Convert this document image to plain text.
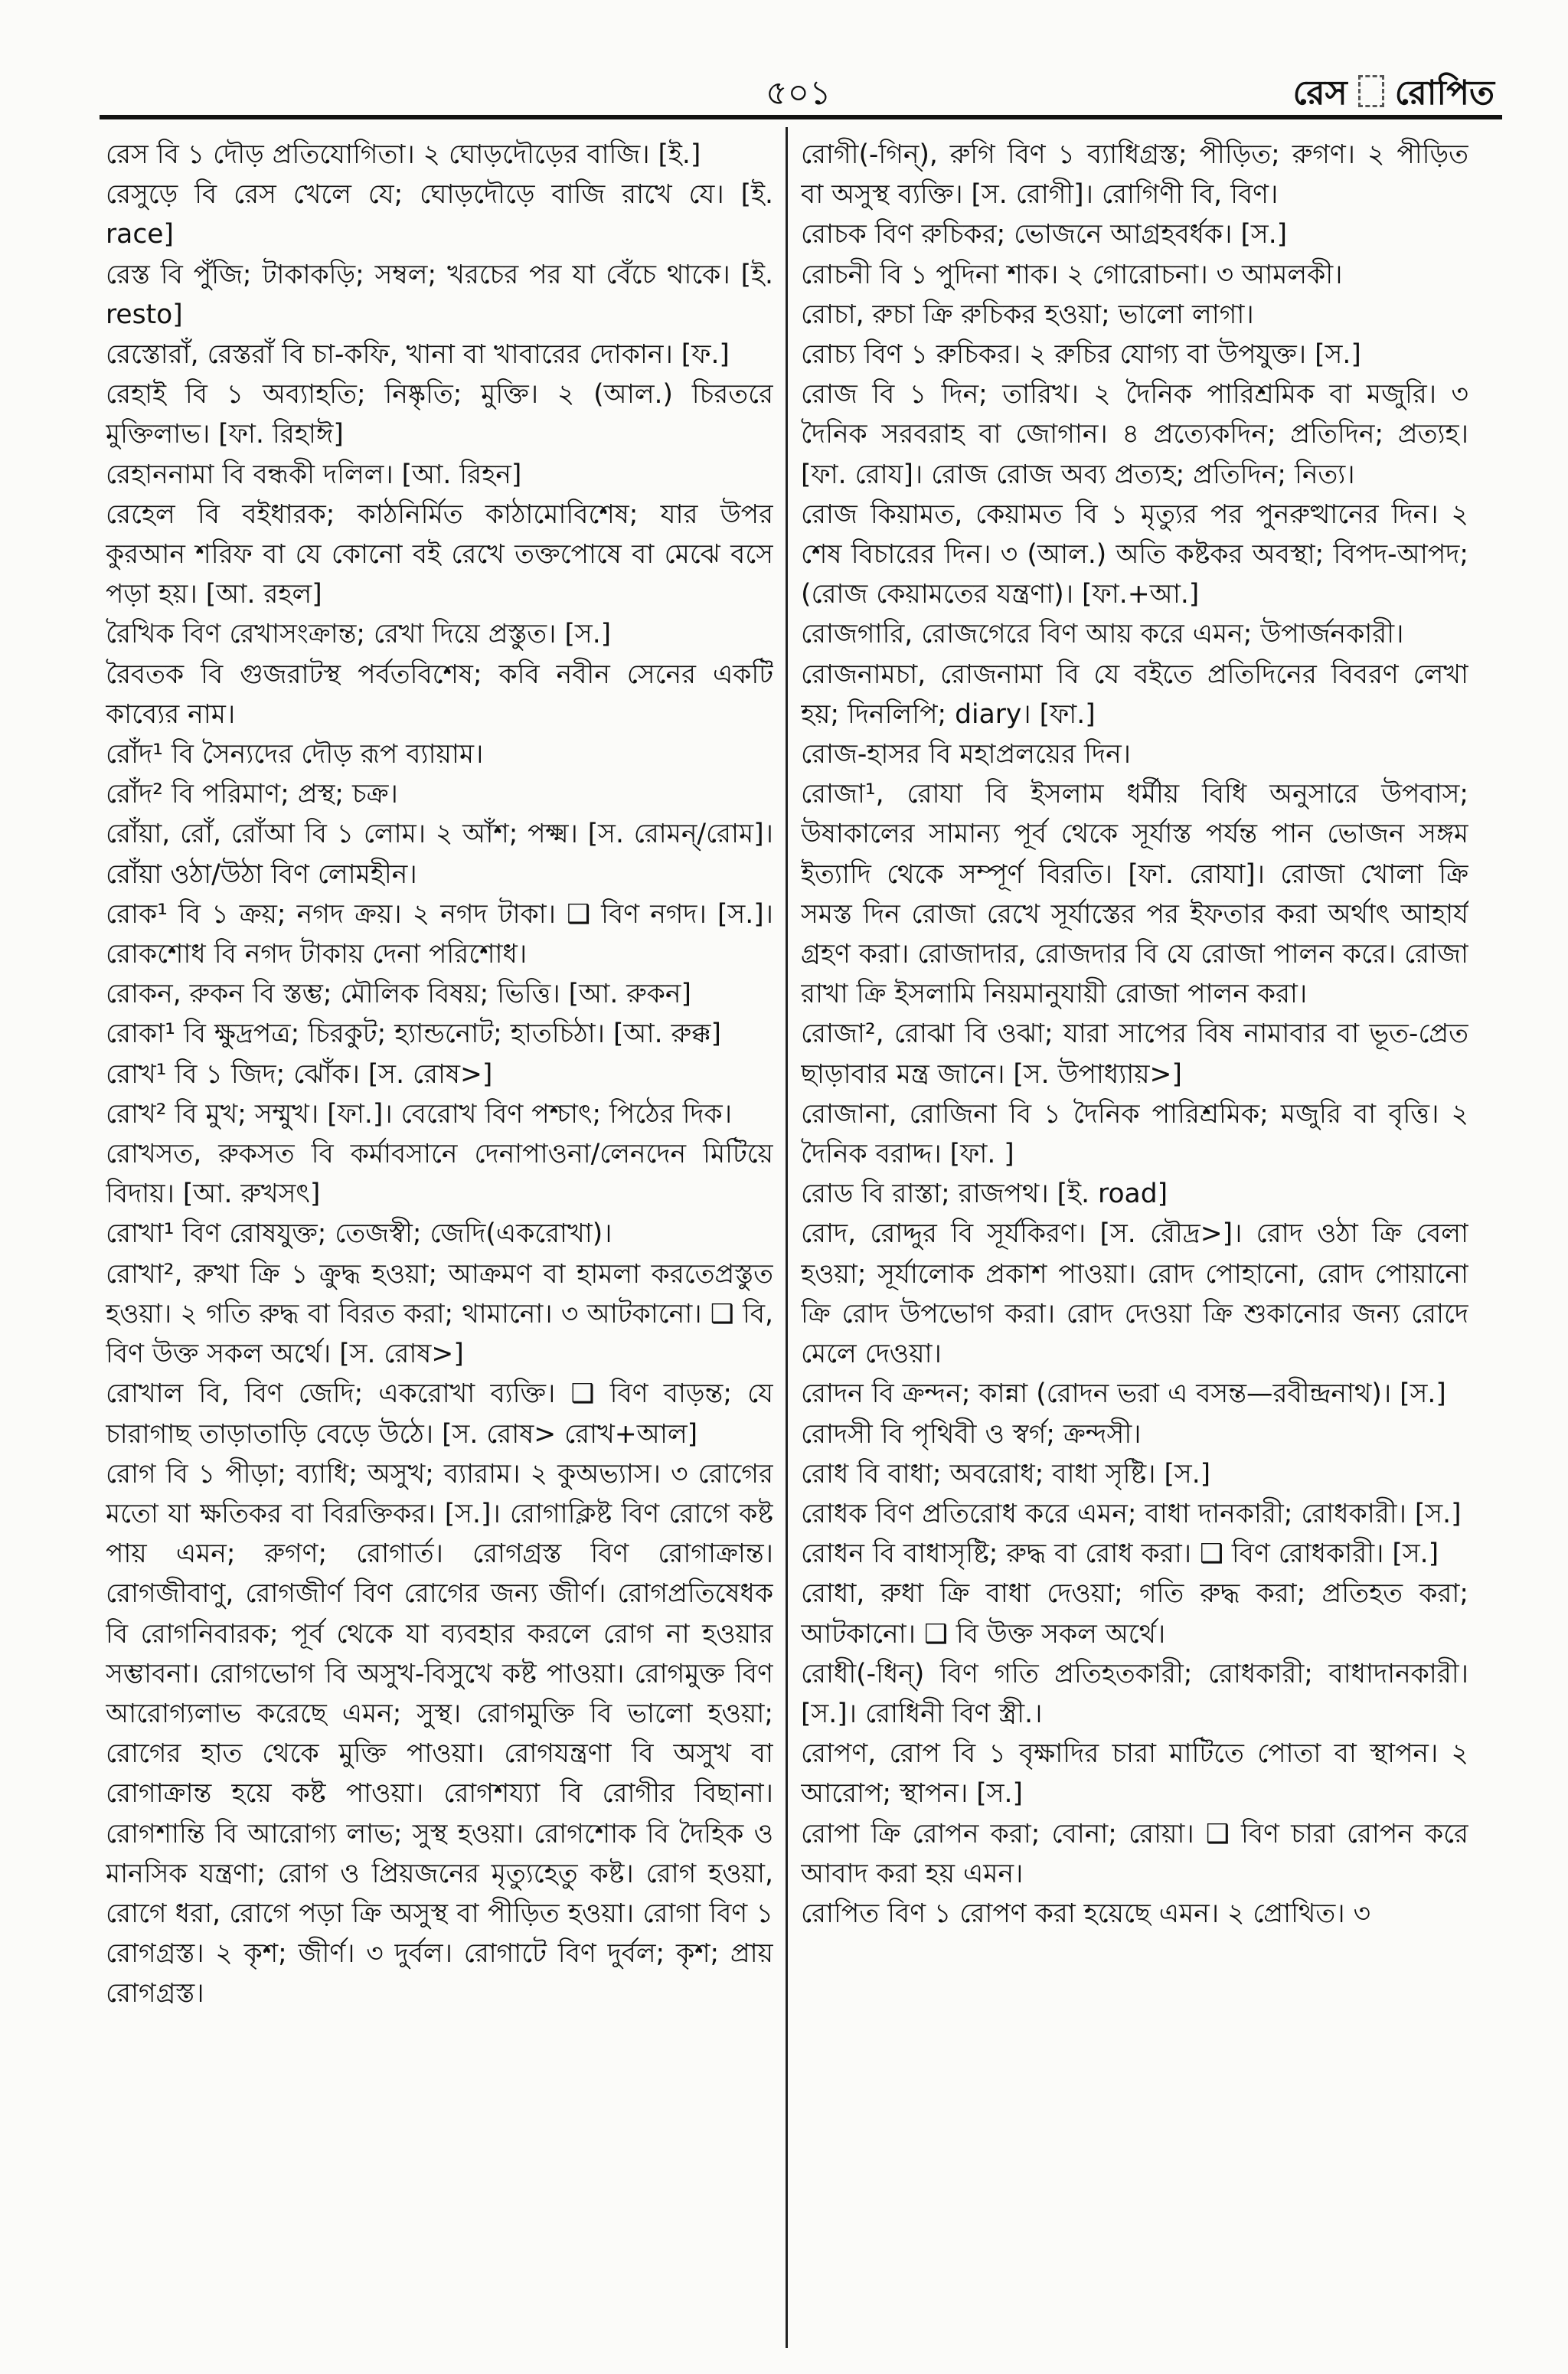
৫০১	রেস রোপিত

রেস বি ১ দৌড় প্রতিযোগিতা। ২ ঘোড়দৌড়ের বাজি। [ই.]

রেসুড়ে বি রেস খেলে যে; ঘোড়দৌড়ে বাজি রাখে যে। [ই. race]

রেস্ত বি পুঁজি; টাকাকড়ি; সম্বল; খরচের পর যা বেঁচে থাকে। [ই. resto]

রেস্তোরাঁ, রেস্তরাঁ বি চা-কফি, খানা বা খাবারের দোকান। [ফ.]

রেহাই বি ১ অব্যাহতি; নিষ্কৃতি; মুক্তি। ২ (আল.) চিরতরে মুক্তিলাভ। [ফা. রিহাঈ]

রেহাননামা বি বন্ধকী দলিল। [আ. রিহন]

রেহেল বি বইধারক; কাঠনির্মিত কাঠামোবিশেষ; যার উপর কুরআন শরিফ বা যে কোনো বই রেখে তক্তপোষে বা মেঝে বসে পড়া হয়। [আ. রহল]

রৈখিক বিণ রেখাসংক্রান্ত; রেখা দিয়ে প্রস্তুত। [স.]

রৈবতক বি গুজরাটস্থ পর্বতবিশেষ; কবি নবীন সেনের একটি কাব্যের নাম।

রোঁদ¹ বি সৈন্যদের দৌড় রূপ ব্যায়াম।

রোঁদ² বি পরিমাণ; প্রস্থ; চক্র।

রোঁয়া, রোঁ, রোঁআ বি ১ লোম। ২ আঁশ; পক্ষ্ম। [স. রোমন্/রোম]। রোঁয়া ওঠা/উঠা বিণ লোমহীন।

রোক¹ বি ১ ক্রয়; নগদ ক্রয়। ২ নগদ টাকা। ❑ বিণ নগদ। [স.]। রোকশোধ বি নগদ টাকায় দেনা পরিশোধ।

রোকন, রুকন বি স্তম্ভ; মৌলিক বিষয়; ভিত্তি। [আ. রুকন]

রোকা¹ বি ক্ষুদ্রপত্র; চিরকুট; হ্যান্ডনোট; হাতচিঠা। [আ. রুক্ক]

রোখ¹ বি ১ জিদ; ঝোঁক। [স. রোষ>]

রোখ² বি মুখ; সম্মুখ। [ফা.]। বেরোখ বিণ পশ্চাৎ; পিঠের দিক।

রোখসত, রুকসত বি কর্মাবসানে দেনাপাওনা/লেনদেন মিটিয়ে বিদায়। [আ. রুখসৎ]

রোখা¹ বিণ রোষযুক্ত; তেজস্বী; জেদি(একরোখা)।

রোখা², রুখা ক্রি ১ ক্রুদ্ধ হওয়া; আক্রমণ বা হামলা করতেপ্রস্তুত হওয়া। ২ গতি রুদ্ধ বা বিরত করা; থামানো। ৩ আটকানো। ❑ বি, বিণ উক্ত সকল অর্থে। [স. রোষ>]

রোখাল বি, বিণ জেদি; একরোখা ব্যক্তি। ❑ বিণ বাড়ন্ত; যে চারাগাছ তাড়াতাড়ি বেড়ে উঠে। [স. রোষ> রোখ+আল]

রোগ বি ১ পীড়া; ব্যাধি; অসুখ; ব্যারাম। ২ কুঅভ্যাস। ৩ রোগের মতো যা ক্ষতিকর বা বিরক্তিকর। [স.]। রোগাক্লিষ্ট বিণ রোগে কষ্ট পায় এমন; রুগণ; রোগার্ত। রোগগ্রস্ত বিণ রোগাক্রান্ত। রোগজীবাণু, রোগজীর্ণ বিণ রোগের জন্য জীর্ণ। রোগপ্রতিষেধক বি রোগনিবারক; পূর্ব থেকে যা ব্যবহার করলে রোগ না হওয়ার সম্ভাবনা। রোগভোগ বি অসুখ-বিসুখে কষ্ট পাওয়া। রোগমুক্ত বিণ আরোগ্যলাভ করেছে এমন; সুস্থ। রোগমুক্তি বি ভালো হওয়া; রোগের হাত থেকে মুক্তি পাওয়া। রোগযন্ত্রণা বি অসুখ বা রোগাক্রান্ত হয়ে কষ্ট পাওয়া। রোগশয্যা বি রোগীর বিছানা। রোগশান্তি বি আরোগ্য লাভ; সুস্থ হওয়া। রোগশোক বি দৈহিক ও মানসিক যন্ত্রণা; রোগ ও প্রিয়জনের মৃত্যুহেতু কষ্ট। রোগ হওয়া, রোগে ধরা, রোগে পড়া ক্রি অসুস্থ বা পীড়িত হওয়া। রোগা বিণ ১ রোগগ্রস্ত। ২ কৃশ; জীর্ণ। ৩ দুর্বল। রোগাটে বিণ দুর্বল; কৃশ; প্রায় রোগগ্রস্ত।

রোগী(-গিন্), রুগি বিণ ১ ব্যাধিগ্রস্ত; পীড়িত; রুগণ। ২ পীড়িত বা অসুস্থ ব্যক্তি। [স. রোগী]। রোগিণী বি, বিণ।

রোচক বিণ রুচিকর; ভোজনে আগ্রহবর্ধক। [স.]

রোচনী বি ১ পুদিনা শাক। ২ গোরোচনা। ৩ আমলকী।

রোচা, রুচা ক্রি রুচিকর হওয়া; ভালো লাগা।

রোচ্য বিণ ১ রুচিকর। ২ রুচির যোগ্য বা উপযুক্ত। [স.]

রোজ বি ১ দিন; তারিখ। ২ দৈনিক পারিশ্রমিক বা মজুরি। ৩ দৈনিক সরবরাহ বা জোগান। ৪ প্রত্যেকদিন; প্রতিদিন; প্রত্যহ। [ফা. রোয]। রোজ রোজ অব্য প্রত্যহ; প্রতিদিন; নিত্য।

রোজ কিয়ামত, কেয়ামত বি ১ মৃত্যুর পর পুনরুত্থানের দিন। ২ শেষ বিচারের দিন। ৩ (আল.) অতি কষ্টকর অবস্থা; বিপদ-আপদ; (রোজ কেয়ামতের যন্ত্রণা)। [ফা.+আ.]

রোজগারি, রোজগেরে বিণ আয় করে এমন; উপার্জনকারী।

রোজনামচা, রোজনামা বি যে বইতে প্রতিদিনের বিবরণ লেখা হয়; দিনলিপি; diary। [ফা.]

রোজ-হাসর বি মহাপ্রলয়ের দিন।

রোজা¹, রোযা বি ইসলাম ধর্মীয় বিধি অনুসারে উপবাস; উষাকালের সামান্য পূর্ব থেকে সূর্যাস্ত পর্যন্ত পান ভোজন সঙ্গম ইত্যাদি থেকে সম্পূর্ণ বিরতি। [ফা. রোযা]। রোজা খোলা ক্রি সমস্ত দিন রোজা রেখে সূর্যাস্তের পর ইফতার করা অর্থাৎ আহার্য গ্রহণ করা। রোজাদার, রোজদার বি যে রোজা পালন করে। রোজা রাখা ক্রি ইসলামি নিয়মানুযায়ী রোজা পালন করা।

রোজা², রোঝা বি ওঝা; যারা সাপের বিষ নামাবার বা ভূত-প্রেত ছাড়াবার মন্ত্র জানে। [স. উপাধ্যায়>]

রোজানা, রোজিনা বি ১ দৈনিক পারিশ্রমিক; মজুরি বা বৃত্তি। ২ দৈনিক বরাদ্দ। [ফা. ]

রোড বি রাস্তা; রাজপথ। [ই. road]

রোদ, রোদ্দুর বি সূর্যকিরণ। [স. রৌদ্র>]। রোদ ওঠা ক্রি বেলা হওয়া; সূর্যালোক প্রকাশ পাওয়া। রোদ পোহানো, রোদ পোয়ানো ক্রি রোদ উপভোগ করা। রোদ দেওয়া ক্রি শুকানোর জন্য রোদে মেলে দেওয়া।

রোদন বি ক্রন্দন; কান্না (রোদন ভরা এ বসন্ত—রবীন্দ্রনাথ)। [স.]

রোদসী বি পৃথিবী ও স্বর্গ; ক্রন্দসী।

রোধ বি বাধা; অবরোধ; বাধা সৃষ্টি। [স.]

রোধক বিণ প্রতিরোধ করে এমন; বাধা দানকারী; রোধকারী। [স.]

রোধন বি বাধাসৃষ্টি; রুদ্ধ বা রোধ করা। ❑ বিণ রোধকারী। [স.]

রোধা, রুধা ক্রি বাধা দেওয়া; গতি রুদ্ধ করা; প্রতিহত করা; আটকানো। ❑ বি উক্ত সকল অর্থে।

রোধী(-ধিন্) বিণ গতি প্রতিহতকারী; রোধকারী; বাধাদানকারী। [স.]। রোধিনী বিণ স্ত্রী.।

রোপণ, রোপ বি ১ বৃক্ষাদির চারা মাটিতে পোতা বা স্থাপন। ২ আরোপ; স্থাপন। [স.]

রোপা ক্রি রোপন করা; বোনা; রোয়া। ❑ বিণ চারা রোপন করে আবাদ করা হয় এমন।

রোপিত বিণ ১ রোপণ করা হয়েছে এমন। ২ প্রোথিত। ৩
